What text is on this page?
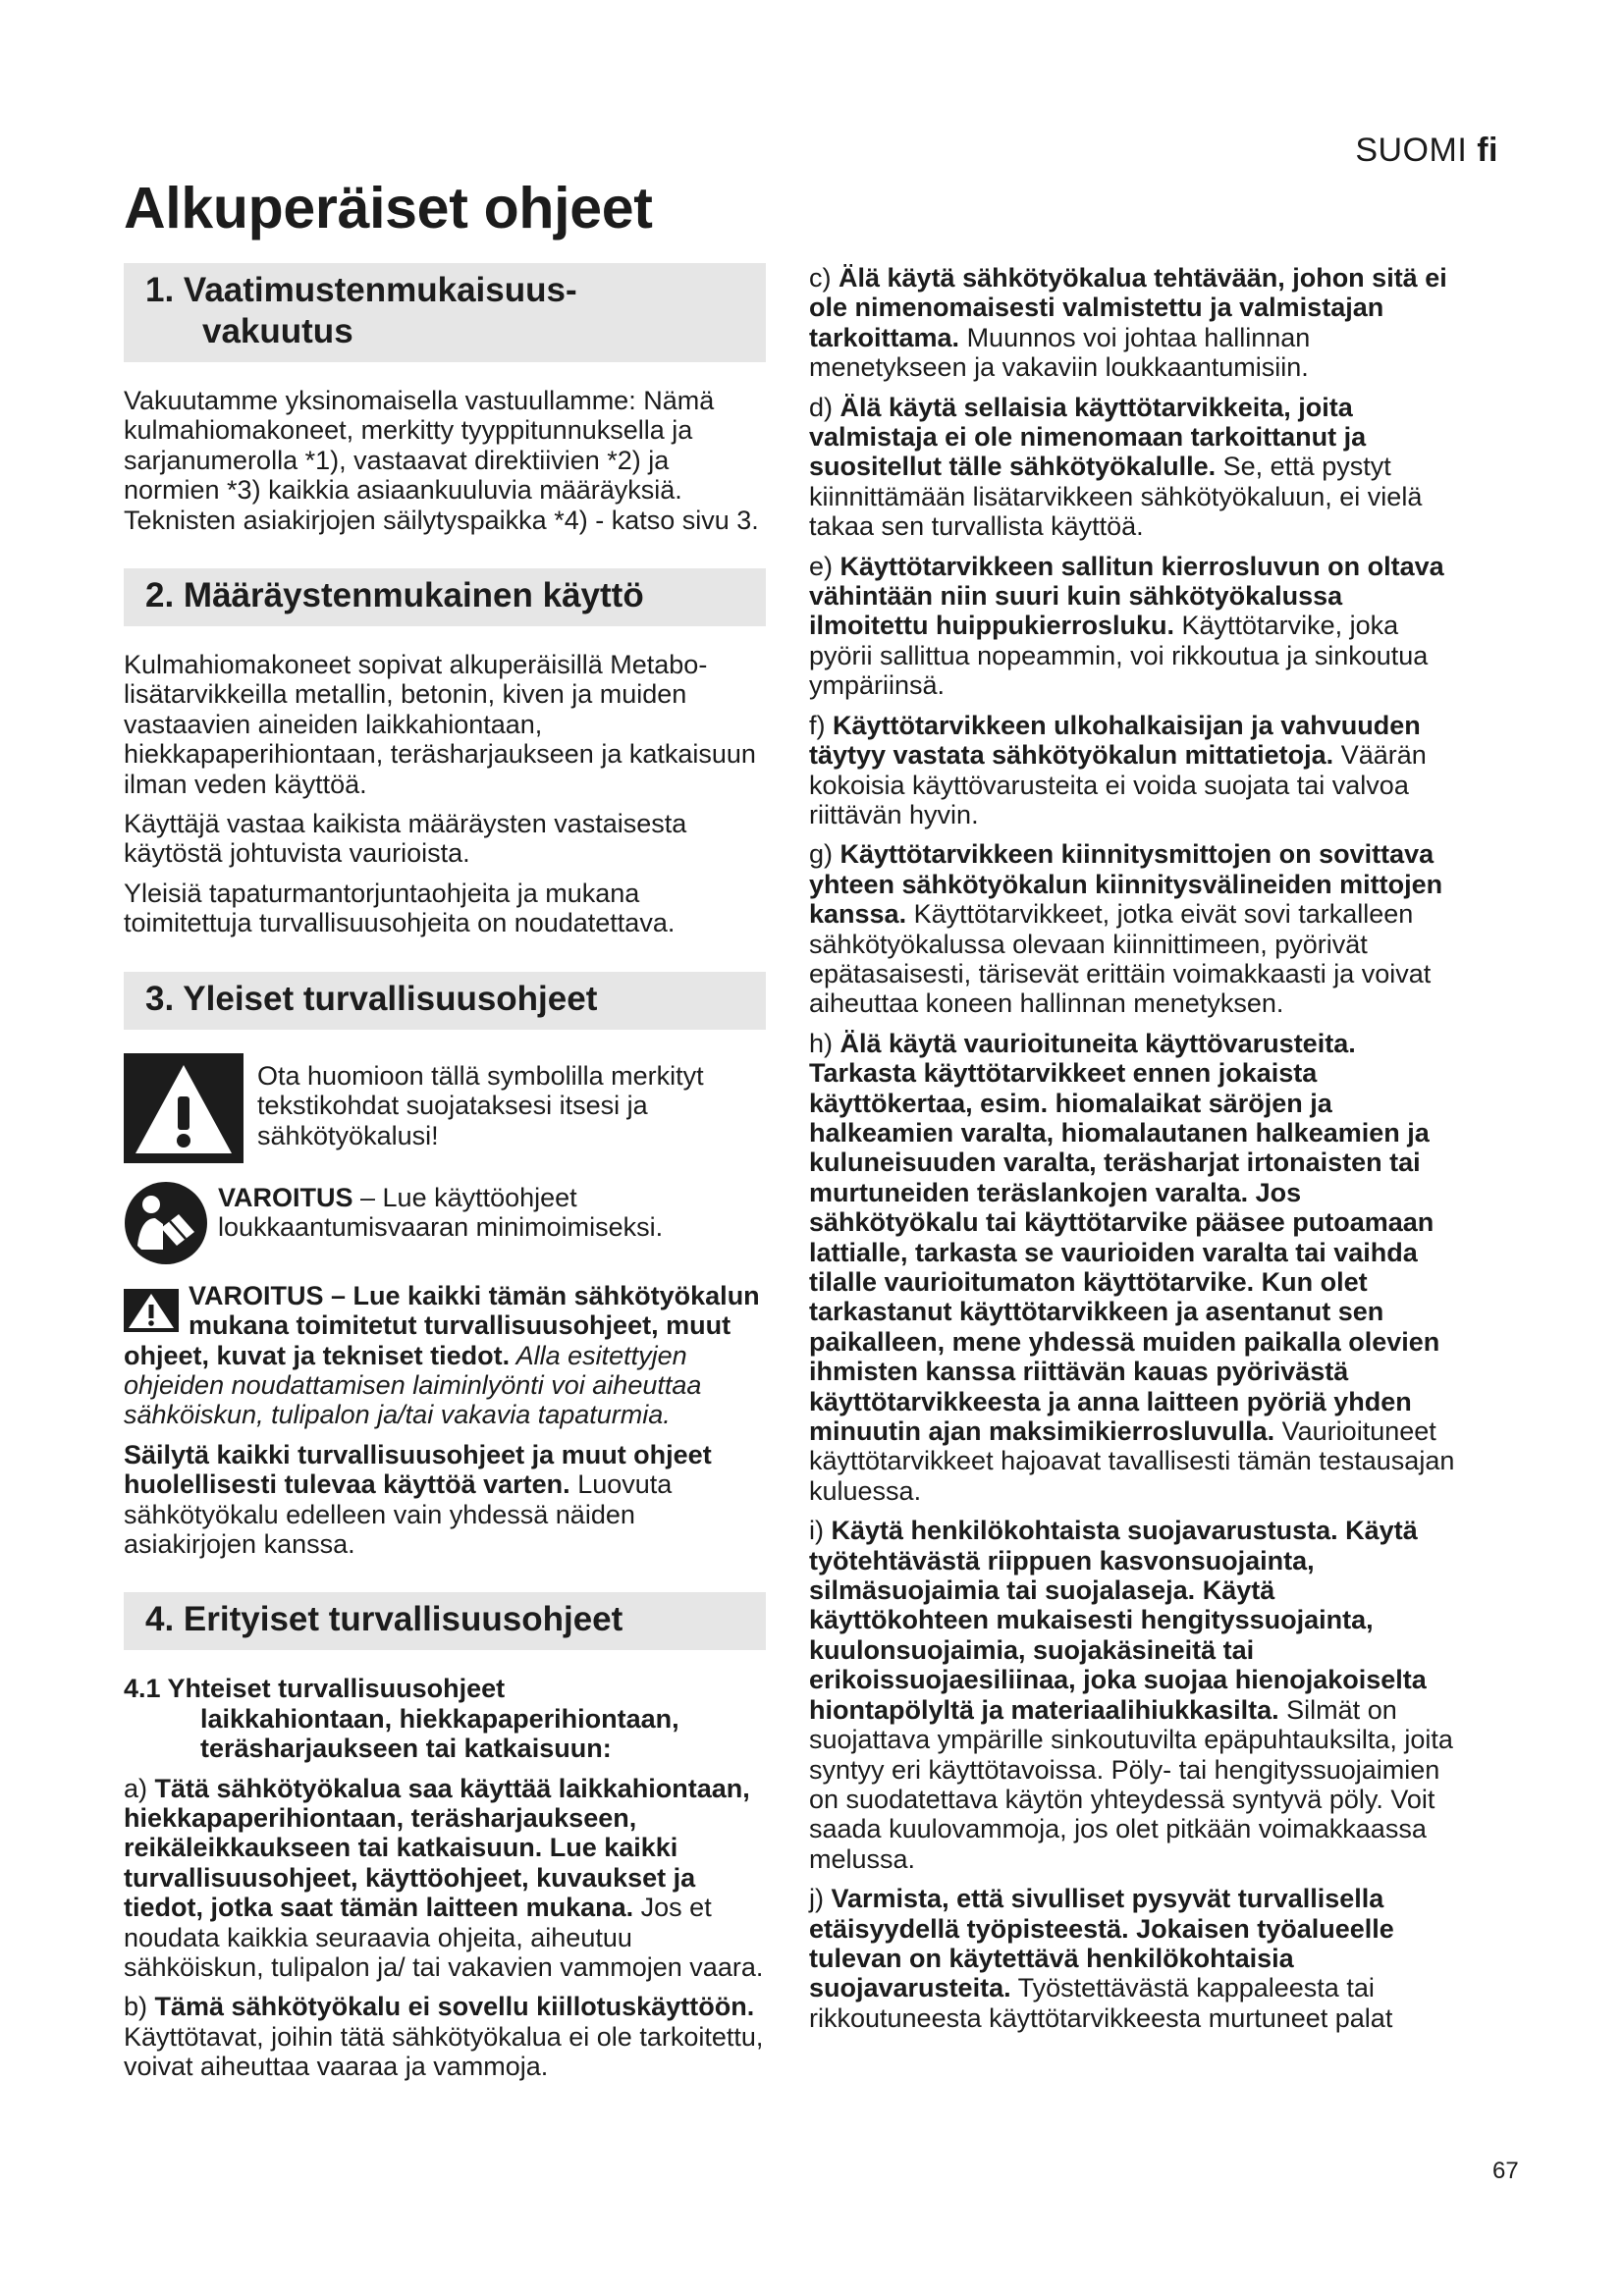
SUOMI fi
Alkuperäiset ohjeet
1. Vaatimustenmukaisuus-
vakuutus

Vakuutamme yksinomaisella vastuullamme: Nämä kulmahiomakoneet, merkitty tyyppitunnuksella ja sarjanumerolla *1), vastaavat direktiivien *2) ja normien *3) kaikkia asiaankuuluvia määräyksiä. Teknisten asiakirjojen säilytyspaikka *4) - katso sivu 3.

2. Määräystenmukainen käyttö

Kulmahiomakoneet sopivat alkuperäisillä Metabo-lisätarvikkeilla metallin, betonin, kiven ja muiden vastaavien aineiden laikkahiontaan, hiekkapaperihiontaan, teräsharjaukseen ja katkaisuun ilman veden käyttöä.

Käyttäjä vastaa kaikista määräysten vastaisesta käytöstä johtuvista vaurioista.

Yleisiä tapaturmantorjuntaohjeita ja mukana toimitettuja turvallisuusohjeita on noudatettava.

3. Yleiset turvallisuusohjeet
Ota huomioon tällä symbolilla merkityt tekstikohdat suojataksesi itsesi ja sähkötyökalusi!
VAROITUS – Lue käyttöohjeet loukkaantumisvaaran minimoimiseksi.

VAROITUS – Lue kaikki tämän sähkötyökalun mukana toimitetut turvallisuusohjeet, muut ohjeet, kuvat ja tekniset tiedot. Alla esitettyjen ohjeiden noudattamisen laiminlyönti voi aiheuttaa sähköiskun, tulipalon ja/tai vakavia tapaturmia.

Säilytä kaikki turvallisuusohjeet ja muut ohjeet huolellisesti tulevaa käyttöä varten. Luovuta sähkötyökalu edelleen vain yhdessä näiden asiakirjojen kanssa.

4. Erityiset turvallisuusohjeet
4.1 Yhteiset turvallisuusohjeet
laikkahiontaan, hiekkapaperihiontaan,
teräsharjaukseen tai katkaisuun:

a) Tätä sähkötyökalua saa käyttää laikkahiontaan, hiekkapaperihiontaan, teräsharjaukseen, reikäleikkaukseen tai katkaisuun. Lue kaikki turvallisuusohjeet, käyttöohjeet, kuvaukset ja tiedot, jotka saat tämän laitteen mukana. Jos et noudata kaikkia seuraavia ohjeita, aiheutuu sähköiskun, tulipalon ja/ tai vakavien vammojen vaara.

b) Tämä sähkötyökalu ei sovellu kiillotuskäyttöön. Käyttötavat, joihin tätä sähkötyökalua ei ole tarkoitettu, voivat aiheuttaa vaaraa ja vammoja.

c) Älä käytä sähkötyökalua tehtävään, johon sitä ei ole nimenomaisesti valmistettu ja valmistajan tarkoittama. Muunnos voi johtaa hallinnan menetykseen ja vakaviin loukkaantumisiin.

d) Älä käytä sellaisia käyttötarvikkeita, joita valmistaja ei ole nimenomaan tarkoittanut ja suositellut tälle sähkötyökalulle. Se, että pystyt kiinnittämään lisätarvikkeen sähkötyökaluun, ei vielä takaa sen turvallista käyttöä.

e) Käyttötarvikkeen sallitun kierrosluvun on oltava vähintään niin suuri kuin sähkötyökalussa ilmoitettu huippukierrosluku. Käyttötarvike, joka pyörii sallittua nopeammin, voi rikkoutua ja sinkoutua ympäriinsä.

f) Käyttötarvikkeen ulkohalkaisijan ja vahvuuden täytyy vastata sähkötyökalun mittatietoja. Väärän kokoisia käyttövarusteita ei voida suojata tai valvoa riittävän hyvin.

g) Käyttötarvikkeen kiinnitysmittojen on sovittava yhteen sähkötyökalun kiinnitysvälineiden mittojen kanssa. Käyttötarvikkeet, jotka eivät sovi tarkalleen sähkötyökalussa olevaan kiinnittimeen, pyörivät epätasaisesti, tärisevät erittäin voimakkaasti ja voivat aiheuttaa koneen hallinnan menetyksen.

h) Älä käytä vaurioituneita käyttövarusteita. Tarkasta käyttötarvikkeet ennen jokaista käyttökertaa, esim. hiomalaikat säröjen ja halkeamien varalta, hiomalautanen halkeamien ja kuluneisuuden varalta, teräsharjat irtonaisten tai murtuneiden teräslankojen varalta. Jos sähkötyökalu tai käyttötarvike pääsee putoamaan lattialle, tarkasta se vaurioiden varalta tai vaihda tilalle vaurioitumaton käyttötarvike. Kun olet tarkastanut käyttötarvikkeen ja asentanut sen paikalleen, mene yhdessä muiden paikalla olevien ihmisten kanssa riittävän kauas pyörivästä käyttötarvikkeesta ja anna laitteen pyöriä yhden minuutin ajan maksimikierrosluvulla. Vaurioituneet käyttötarvikkeet hajoavat tavallisesti tämän testausajan kuluessa.

i) Käytä henkilökohtaista suojavarustusta. Käytä työtehtävästä riippuen kasvonsuojainta, silmäsuojaimia tai suojalaseja. Käytä käyttökohteen mukaisesti hengityssuojainta, kuulonsuojaimia, suojakäsineitä tai erikoissuojaesiliinaa, joka suojaa hienojakoiselta hiontapölyltä ja materiaalihiukkasilta. Silmät on suojattava ympärille sinkoutuvilta epäpuhtauksilta, joita syntyy eri käyttötavoissa. Pöly- tai hengityssuojaimien on suodatettava käytön yhteydessä syntyvä pöly. Voit saada kuulovammoja, jos olet pitkään voimakkaassa melussa.

j) Varmista, että sivulliset pysyvät turvallisella etäisyydellä työpisteestä. Jokaisen työalueelle tulevan on käytettävä henkilökohtaisia suojavarusteita. Työstettävästä kappaleesta tai rikkoutuneesta käyttötarvikkeesta murtuneet palat

67
